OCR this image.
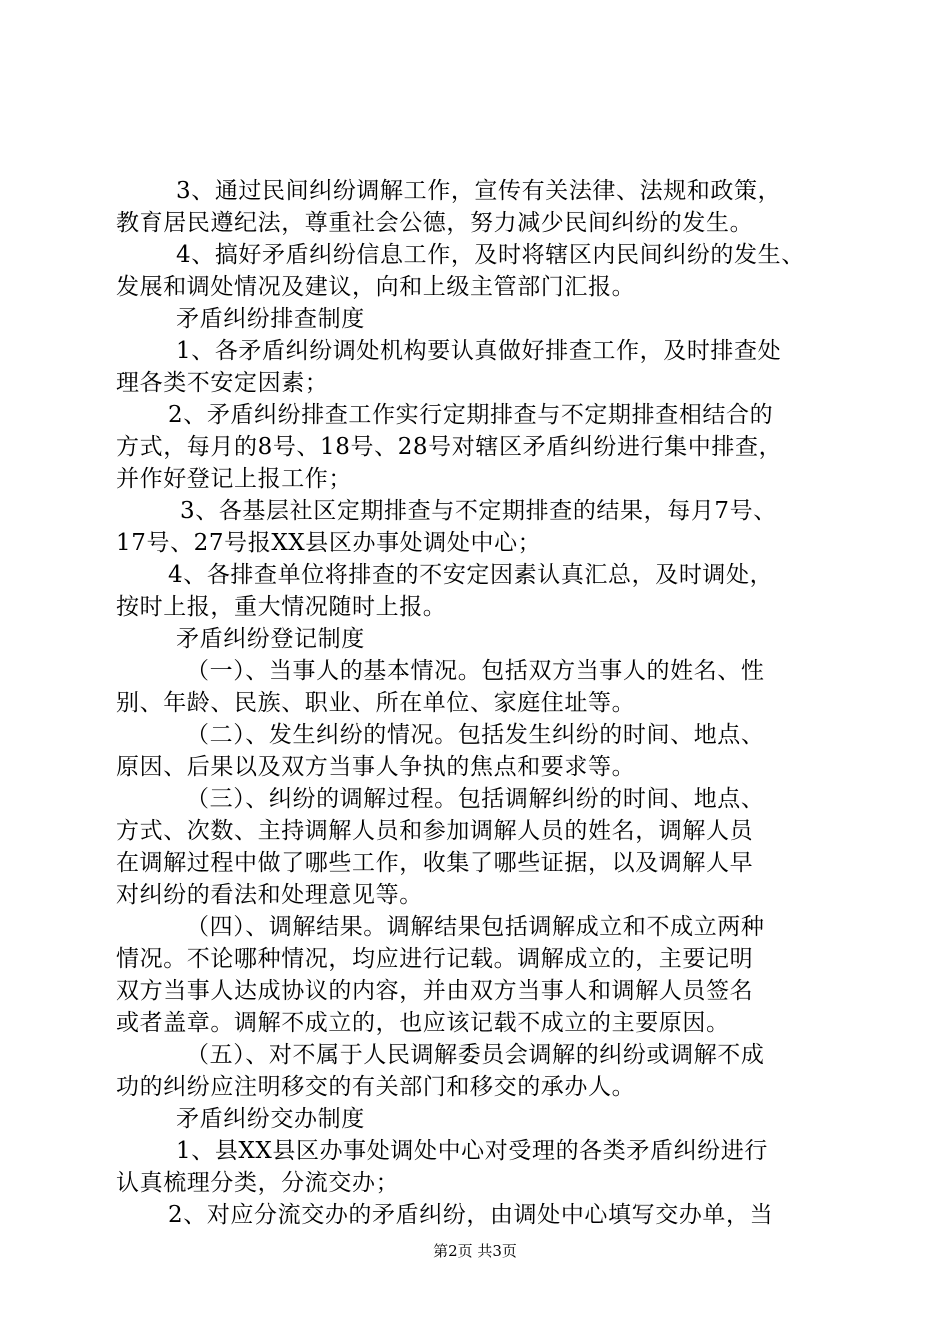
3、通过民间纠纷调解工作，宣传有关法律、法规和政策，
教育居民遵纪法，尊重社会公德，努力减少民间纠纷的发生。
4、搞好矛盾纠纷信息工作，及时将辖区内民间纠纷的发生、
发展和调处情况及建议，向和上级主管部门汇报。
矛盾纠纷排查制度
1、各矛盾纠纷调处机构要认真做好排查工作，及时排查处
理各类不安定因素；
2、矛盾纠纷排查工作实行定期排查与不定期排查相结合的
方式，每月的8号、18号、28号对辖区矛盾纠纷进行集中排查，
并作好登记上报工作；
3、各基层社区定期排查与不定期排查的结果，每月7号、
17号、27号报XX县区办事处调处中心；
4、各排查单位将排查的不安定因素认真汇总，及时调处，
按时上报，重大情况随时上报。
矛盾纠纷登记制度
（一）、当事人的基本情况。包括双方当事人的姓名、性
别、年龄、民族、职业、所在单位、家庭住址等。
（二）、发生纠纷的情况。包括发生纠纷的时间、地点、
原因、后果以及双方当事人争执的焦点和要求等。
（三）、纠纷的调解过程。包括调解纠纷的时间、地点、
方式、次数、主持调解人员和参加调解人员的姓名，调解人员
在调解过程中做了哪些工作，收集了哪些证据，以及调解人早
对纠纷的看法和处理意见等。
（四）、调解结果。调解结果包括调解成立和不成立两种
情况。不论哪种情况，均应进行记载。调解成立的，主要记明
双方当事人达成协议的内容，并由双方当事人和调解人员签名
或者盖章。调解不成立的，也应该记载不成立的主要原因。
（五）、对不属于人民调解委员会调解的纠纷或调解不成
功的纠纷应注明移交的有关部门和移交的承办人。
矛盾纠纷交办制度
1、县XX县区办事处调处中心对受理的各类矛盾纠纷进行
认真梳理分类，分流交办；
2、对应分流交办的矛盾纠纷，由调处中心填写交办单，当
第2页 共3页
